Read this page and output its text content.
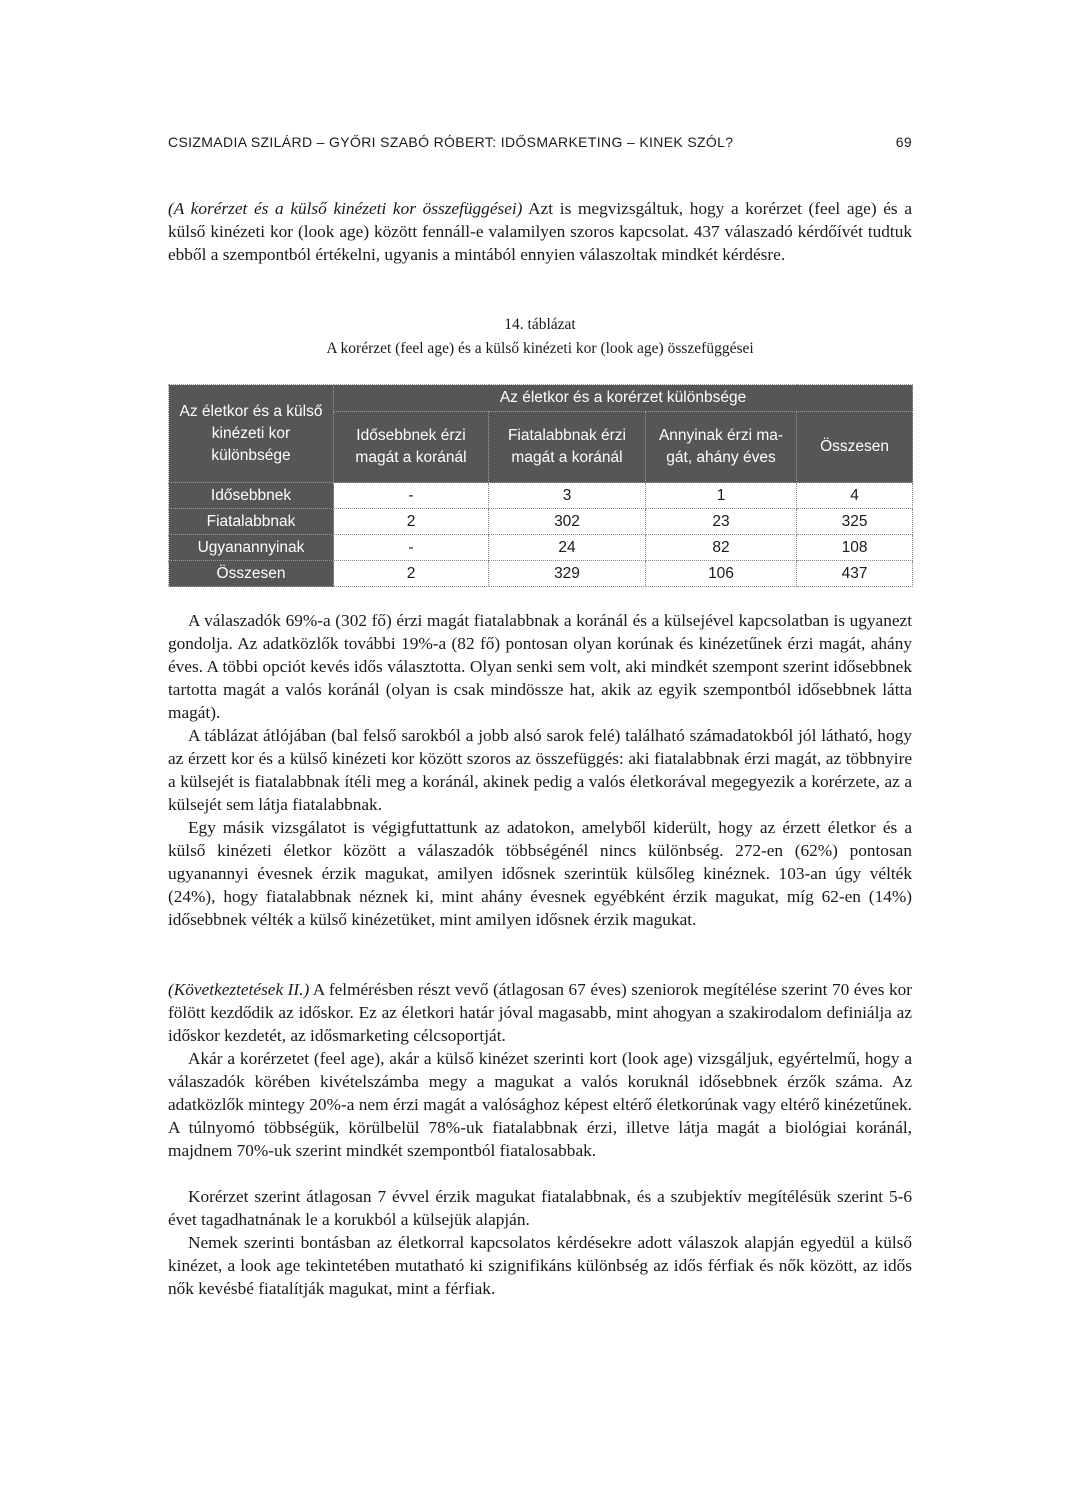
CSIZMADIA SZILÁRD – GYŐRI SZABÓ RÓBERT: IDŐSMARKETING – KINEK SZÓL?	69

(A korérzet és a külső kinézeti kor összefüggései) Azt is megvizsgáltuk, hogy a korérzet (feel age) és a külső kinézeti kor (look age) között fennáll-e valamilyen szoros kapcsolat. 437 válaszadó kérdőívét tudtuk ebből a szempontból értékelni, ugyanis a mintából ennyien válaszoltak mindkét kérdésre.

14. táblázat
A korérzet (feel age) és a külső kinézeti kor (look age) összefüggései
Az életkor és a külső kinézeti kor különbsége	Az életkor és a korérzet különbsége			
	Idősebbnek érzi magát a koránál	Fiatalabbnak érzi magát a koránál	Annyinak érzi magát, ahány éves	Összesen
Idősebbnek	-	3	1	4
Fiatalabbnak	2	302	23	325
Ugyanannyinak	-	24	82	108
Összesen	2	329	106	437

A válaszadók 69%-a (302 fő) érzi magát fiatalabbnak a koránál és a külsejével kapcsolatban is ugyanezt gondolja. Az adatközlők további 19%-a (82 fő) pontosan olyan korúnak és kinézetűnek érzi magát, ahány éves. A többi opciót kevés idős választotta. Olyan senki sem volt, aki mindkét szempont szerint idősebbnek tartotta magát a valós koránál (olyan is csak mindössze hat, akik az egyik szempontból idősebbnek látta magát).

A táblázat átlójában (bal felső sarokból a jobb alsó sarok felé) található számadatokból jól látható, hogy az érzett kor és a külső kinézeti kor között szoros az összefüggés: aki fiatalabbnak érzi magát, az többnyire a külsejét is fiatalabbnak ítéli meg a koránál, akinek pedig a valós életkorával megegyezik a korérzete, az a külsejét sem látja fiatalabbnak.

Egy másik vizsgálatot is végigfuttattunk az adatokon, amelyből kiderült, hogy az érzett életkor és a külső kinézeti életkor között a válaszadók többségénél nincs különbség. 272-en (62%) pontosan ugyanannyi évesnek érzik magukat, amilyen idősnek szerintük külsőleg kinéznek. 103-an úgy vélték (24%), hogy fiatalabbnak néznek ki, mint ahány évesnek egyébként érzik magukat, míg 62-en (14%) idősebbnek vélték a külső kinézetüket, mint amilyen idősnek érzik magukat.

(Következtetések II.) A felmérésben részt vevő (átlagosan 67 éves) szeniorok megítélése szerint 70 éves kor fölött kezdődik az időskor. Ez az életkori határ jóval magasabb, mint ahogyan a szakirodalom definiálja az időskor kezdetét, az idősmarketing célcsoportját.

Akár a korérzetet (feel age), akár a külső kinézet szerinti kort (look age) vizsgáljuk, egyértelmű, hogy a válaszadók körében kivételszámba megy a magukat a valós koruknál idősebbnek érzők száma. Az adatközlők mintegy 20%-a nem érzi magát a valósághoz képest eltérő életkorúnak vagy eltérő kinézetűnek. A túlnyomó többségük, körülbelül 78%-uk fiatalabbnak érzi, illetve látja magát a biológiai koránál, majdnem 70%-uk szerint mindkét szempontból fiatalosabbak.

Korérzet szerint átlagosan 7 évvel érzik magukat fiatalabbnak, és a szubjektív megítélésük szerint 5-6 évet tagadhatnának le a korukból a külsejük alapján.

Nemek szerinti bontásban az életkorral kapcsolatos kérdésekre adott válaszok alapján egyedül a külső kinézet, a look age tekintetében mutatható ki szignifikáns különbség az idős férfiak és nők között, az idős nők kevésbé fiatalítják magukat, mint a férfiak.
